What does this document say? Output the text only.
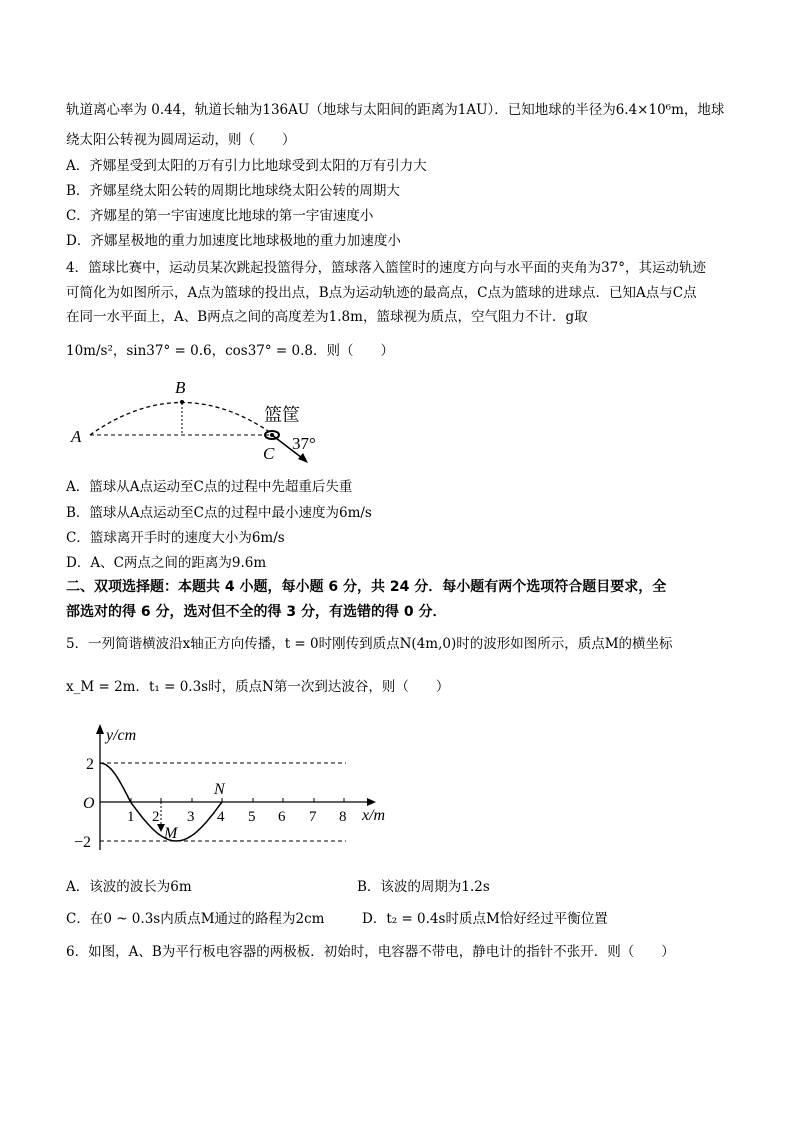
轨道离心率为 0.44，轨道长轴为136AU（地球与太阳间的距离为1AU）．已知地球的半径为6.4×10⁶m，地球
绕太阳公转视为圆周运动，则（　　）
A．齐娜星受到太阳的万有引力比地球受到太阳的万有引力大
B．齐娜星绕太阳公转的周期比地球绕太阳公转的周期大
C．齐娜星的第一宇宙速度比地球的第一宇宙速度小
D．齐娜星极地的重力加速度比地球极地的重力加速度小
4．篮球比赛中，运动员某次跳起投篮得分，篮球落入篮筐时的速度方向与水平面的夹角为37°，其运动轨迹
可简化为如图所示，A点为篮球的投出点，B点为运动轨迹的最高点，C点为篮球的进球点．已知A点与C点
在同一水平面上，A、B两点之间的高度差为1.8m，篮球视为质点，空气阻力不计．g取
10m/s²，sin37° = 0.6，cos37° = 0.8．则（　　）
A
B
C
篮筐
37°
A．篮球从A点运动至C点的过程中先超重后失重
B．篮球从A点运动至C点的过程中最小速度为6m/s
C．篮球离开手时的速度大小为6m/s
D．A、C两点之间的距离为9.6m
二、双项选择题：本题共 4 小题，每小题 6 分，共 24 分．每小题有两个选项符合题目要求，全
部选对的得 6 分，选对但不全的得 3 分，有选错的得 0 分．
5．一列简谐横波沿x轴正方向传播，t = 0时刚传到质点N(4m,0)时的波形如图所示，质点M的横坐标
x_M = 2m．t₁ = 0.3s时，质点N第一次到达波谷，则（　　）
y/cm
x/m
O
2
−2
1 2 3 4 5 6 7 8
N
M
A．该波的波长为6m	B．该波的周期为1.2s
C．在0 ~ 0.3s内质点M通过的路程为2cm	D．t₂ = 0.4s时质点M恰好经过平衡位置
6．如图，A、B为平行板电容器的两极板．初始时，电容器不带电，静电计的指针不张开．则（　　）
